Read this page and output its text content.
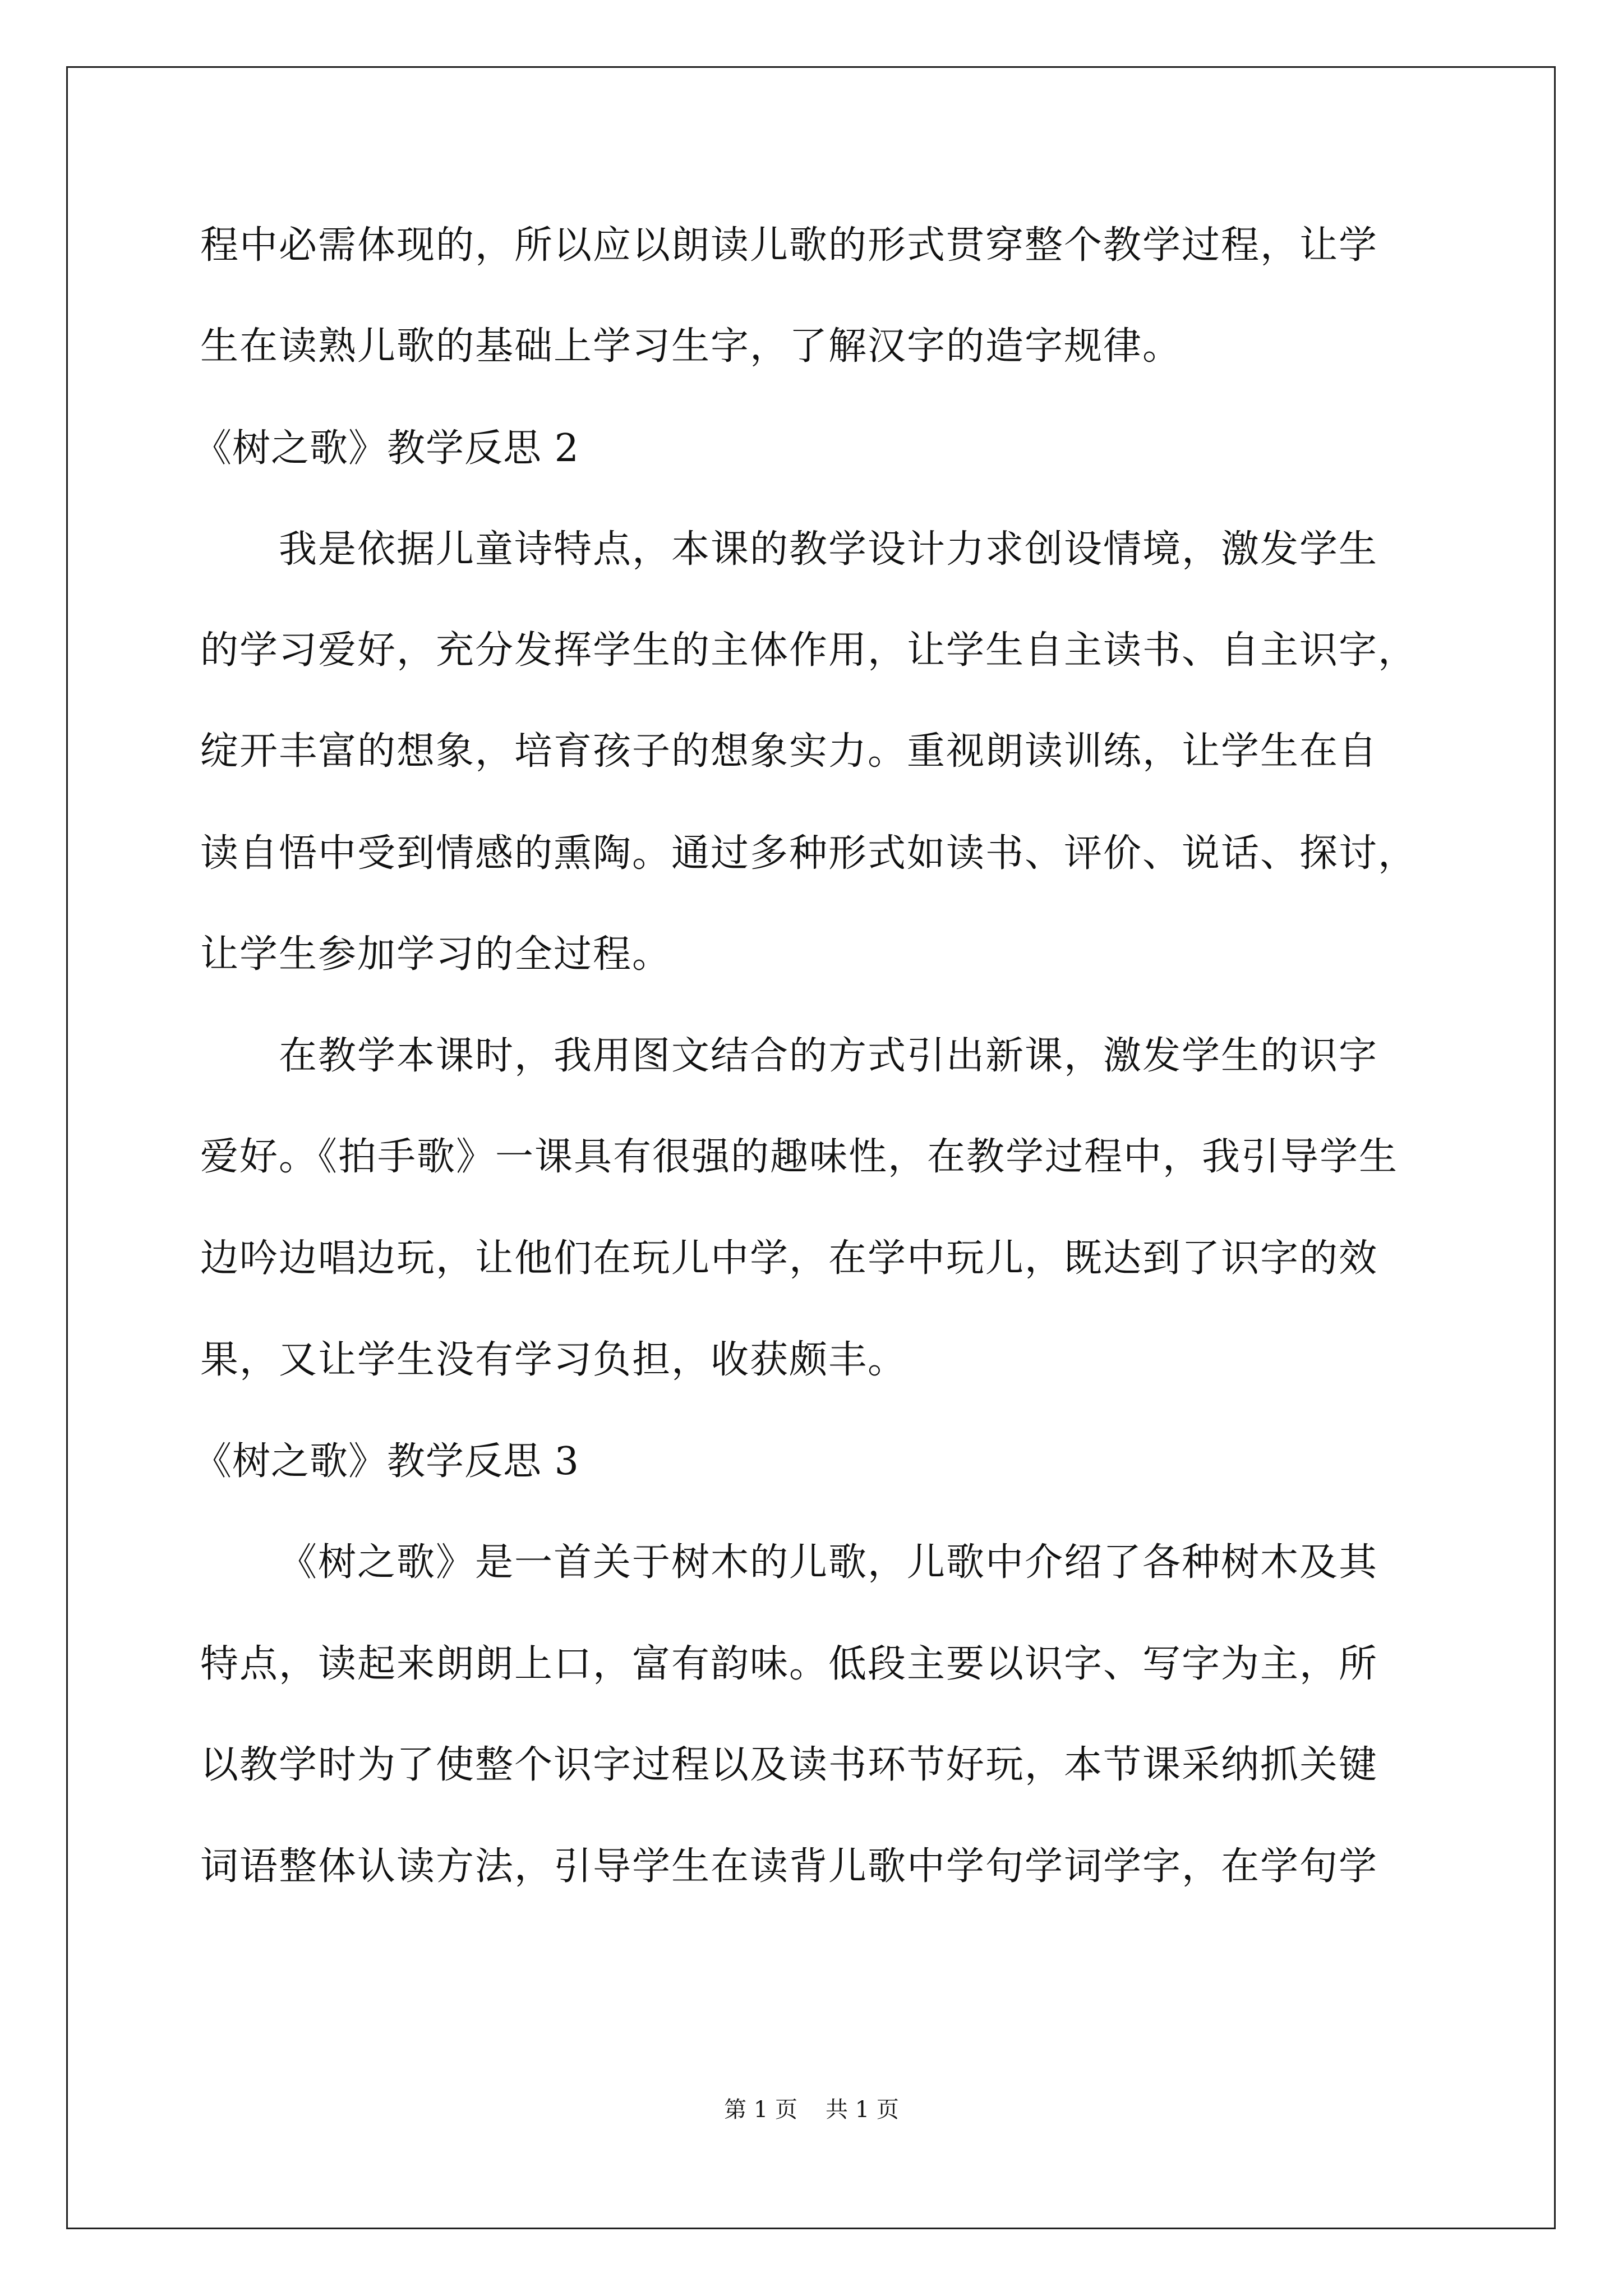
程中必需体现的，所以应以朗读儿歌的形式贯穿整个教学过程，让学
生在读熟儿歌的基础上学习生字，了解汉字的造字规律。
《树之歌》教学反思 2
我是依据儿童诗特点，本课的教学设计力求创设情境，激发学生
的学习爱好，充分发挥学生的主体作用，让学生自主读书、自主识字，
绽开丰富的想象，培育孩子的想象实力。重视朗读训练，让学生在自
读自悟中受到情感的熏陶。通过多种形式如读书、评价、说话、探讨，
让学生参加学习的全过程。
在教学本课时，我用图文结合的方式引出新课，激发学生的识字
爱好。《拍手歌》一课具有很强的趣味性，在教学过程中，我引导学生
边吟边唱边玩，让他们在玩儿中学，在学中玩儿，既达到了识字的效
果，又让学生没有学习负担，收获颇丰。
《树之歌》教学反思 3
《树之歌》是一首关于树木的儿歌，儿歌中介绍了各种树木及其
特点，读起来朗朗上口，富有韵味。低段主要以识字、写字为主，所
以教学时为了使整个识字过程以及读书环节好玩，本节课采纳抓关键
词语整体认读方法，引导学生在读背儿歌中学句学词学字，在学句学
第 1 页 共 1 页
